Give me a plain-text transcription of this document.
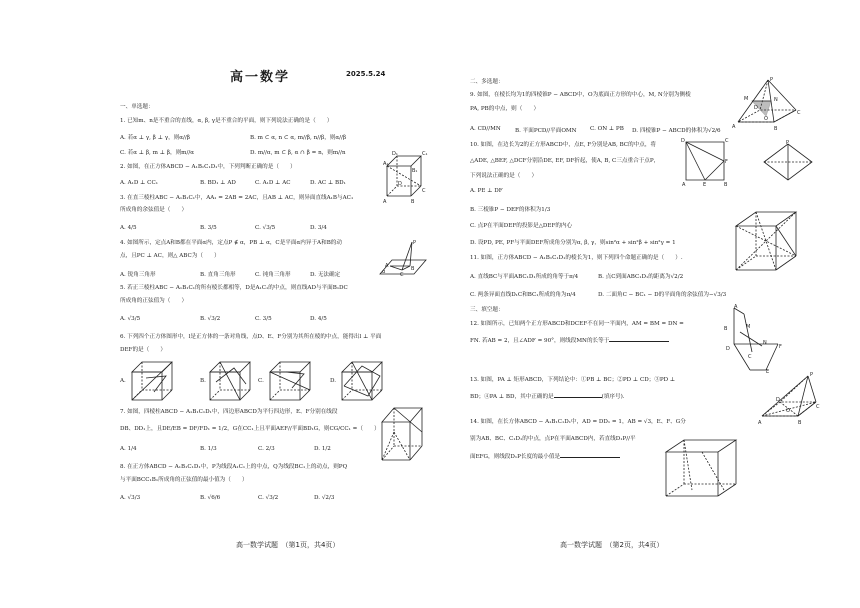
高一数学	2025.5.24
一、单选题：
1. 已知m、n是不重合的直线，α, β, γ是不重合的平面，则下列说法正确的是（　　）
A. 若α ⊥ γ, β ⊥ γ，则α//β	B. m ⊂ α, n ⊂ α, m//β, n//β，则α//β
C. 若α ⊥ β, m ⊥ β，则m//α	D. m//α, m ⊂ β, α ∩ β = n，则m//n
2. 如图，在正方体ABCD − A₁B₁C₁D₁中，下列判断正确的是（　　）
A. A₁D ⊥ CC₁	B. BD₁ ⊥ AD	C. A₁D ⊥ AC	D. AC ⊥ BD₁
3. 在直三棱柱ABC − A₁B₁C₁中，AA₁ = 2AB = 2AC，且AB ⊥ AC，则异面直线A₁B与AC₁
所成角的余弦值是（　　）
A. 4/5	B. 3/5	C. √3/5	D. 3/4
4. 如图所示，定点A和B都在平面α内，定点P ∉ α，PB ⊥ α，C是平面α内异于A和B的动
点，且PC ⊥ AC，则△ ABC为（　　）
A. 锐角三角形	B. 直角三角形	C. 钝角三角形	D. 无法确定
5. 若正三棱柱ABC − A₁B₁C₁的所有棱长都相等，D是A₁C₁的中点，则直线AD与平面B₁DC
所成角的正弦值为（　　）
A. √3/5	B. √3/2	C. 3/5	D. 4/5
6. 下列四个正方体图形中，l是正方体的一条对角线，点D、E、F分别为其所在棱的中点，能得出l ⊥ 平面
DEF的是（　　）
A.	B.	C.	D.
7. 如图，四棱柱ABCD − A₁B₁C₁D₁中，四边形ABCD为平行四边形，E、F分别在线段
DB、DD₁上，且DE/EB = DF/FD₁ = 1/2，G在CC₁上且平面AEF//平面BD₁G，则CG/CC₁ =（　　）
A. 1/4	B. 1/3	C. 2/3	D. 1/2
8. 在正方体ABCD − A₁B₁C₁D₁中，P为线段A₁C₁上的中点，Q为线段BC₁上的动点，则PQ
与平面BCC₁B₁所成角的正弦值的最小值为（　　）
A. √3/3	B. √6/6	C. √3/2	D. √2/3
高一数学试题　（第1页，共4页）
D₁	C₁
A₁
B₁
D
C
A	B
P
A	B
C
α
二、多选题：
9. 如图，在棱长均为1的四棱锥P − ABCD中，O为底面正方形的中心，M, N分别为侧棱
PA, PB的中点，则（　　）
A. CD//MN	B. 平面PCD//平面OMN C. ON ⊥ PB D. 四棱锥P − ABCD的体积为√2/6
10. 如图，在边长为2的正方形ABCD中，点E, F分别是AB, BC的中点，将
△ADE, △BEF, △DCF分别沿DE, EF, DF折起，使A, B, C三点重合于点P，
下列说法正确的是（　　）
A. PE ⊥ DF
B. 三棱锥P − DEF的体积为1/3
C. 点P在平面DEF的投影是△DEF的内心
D. 设PD, PE, PF与平面DEF所成角分别为α, β, γ，则sin²α + sin²β + sin²γ = 1
11. 如图，正方体ABCD − A₁B₁C₁D₁的棱长为1，则下列四个命题正确的是（　　）.
A. 直线BC与平面ABC₁D₁所成的角等于π/4	B. 点C到面ABC₁D₁的距离为√2/2
C. 两条异面直线D₁C和BC₁所成的角为π/4	D. 二面角C − BC₁ − D的平面角的余弦值为−√3/3
三、填空题：
12. 如图所示，已知两个正方形ABCD和DCEF不在同一平面内，AM = BM = DN =
FN. 若AB = 2，且∠ADF = 90°，则线段MN的长等于
13. 如图，PA ⊥ 矩形ABCD，下列结论中：①PB ⊥ BC；②PD ⊥ CD；③PD ⊥
BD；④PA ⊥ BD，其中正确的是	(填序号).
14. 如图，在长方体ABCD − A₁B₁C₁D₁中，AD = DD₁ = 1，AB = √3，E、F、G分
别为AB、BC、C₁D₁的中点，点P在平面ABCD内，若直线D₁P//平
面EFG，则线段D₁P长度的最小值是
高一数学试题　（第2页，共4页）
P
M	N
A	B
C
D
O
A	E	B
F
C
D	P
A
M
B
N
D
C
F
E	P
A	B
C
D
O
